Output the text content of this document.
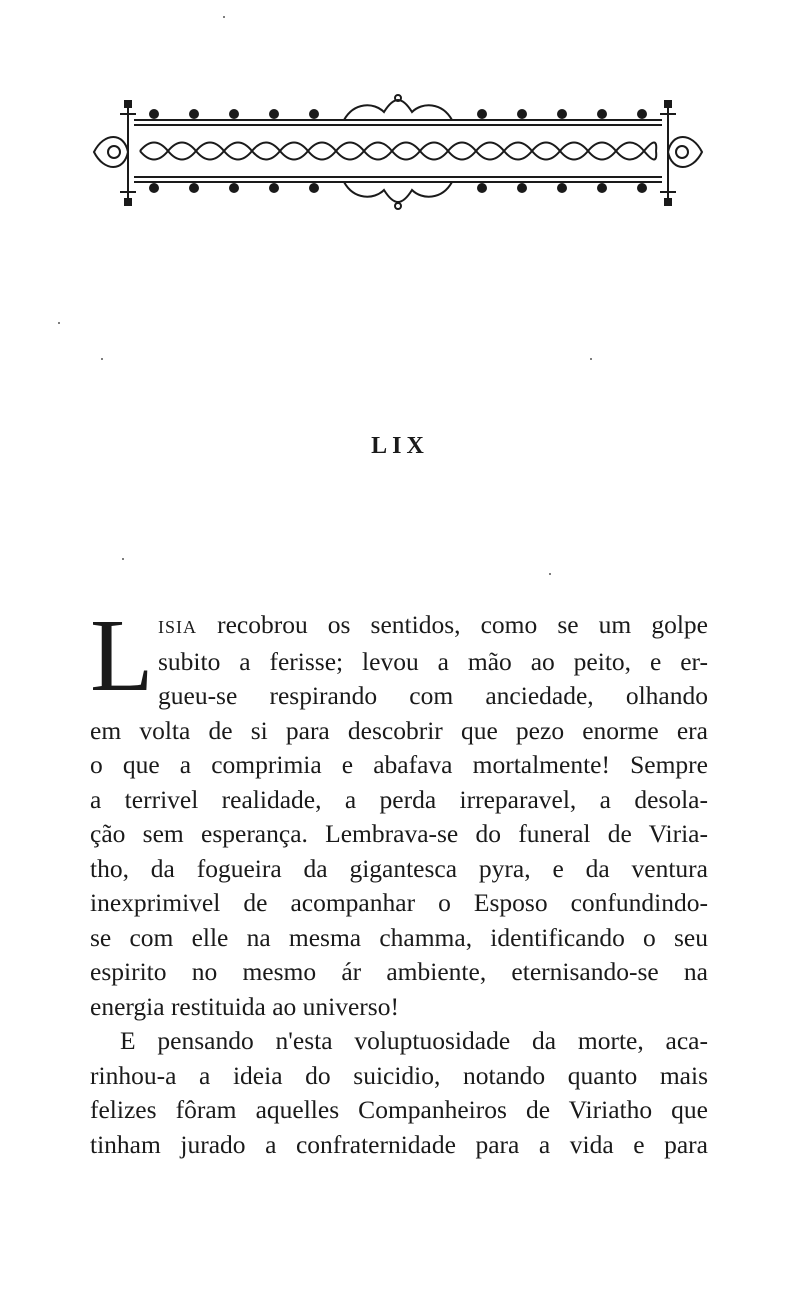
LIX
L ISIA recobrou os sentidos, como se um golpe
subito a ferisse; levou a mão ao peito, e er-
gueu-se respirando com anciedade, olhando
em volta de si para descobrir que pezo enorme era
o que a comprimia e abafava mortalmente! Sempre
a terrivel realidade, a perda irreparavel, a desola-
ção sem esperança. Lembrava-se do funeral de Viria-
tho, da fogueira da gigantesca pyra, e da ventura
inexprimivel de acompanhar o Esposo confundindo-
se com elle na mesma chamma, identificando o seu
espirito no mesmo ár ambiente, eternisando-se na
energia restituida ao universo!
E pensando n'esta voluptuosidade da morte, aca-
rinhou-a a ideia do suicidio, notando quanto mais
felizes fôram aquelles Companheiros de Viriatho que
tinham jurado a confraternidade para a vida e para
